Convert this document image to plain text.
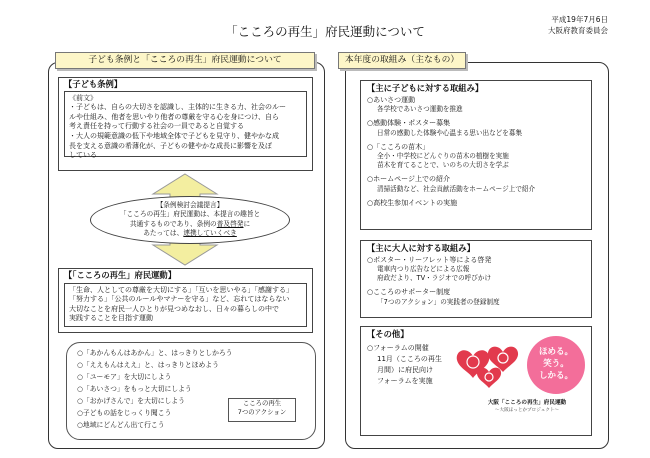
「こころの再生」府民運動について
平成19年7月6日
大阪府教育委員会
子ども条例と「こころの再生」府民運動について
【子ども条例】
《前文》
・子どもは、自らの大切さを認識し、主体的に生きる力、社会のルー
ルや仕組み、他者を思いやり他者の尊厳を守る心を身につけ、自ら
考え責任を持って行動する社会の一員であると自覚する
・大人の規範意識の低下や地域全体で子どもを見守り、健やかな成
長を支える意識の希薄化が、子どもの健やかな成長に影響を及ぼ
している
【条例検討会議提言】
「こころの再生」府民運動は、本提言の趣旨と
共通するものであり、条例の普及啓発に
あたっては、連携していくべき
【「こころの再生」府民運動】
「生命、人としての尊厳を大切にする」「互いを思いやる」「感謝する」
「努力する」「公共のルールやマナーを守る」など、忘れてはならない
大切なことを府民一人ひとりが見つめなおし、日々の暮らしの中で
実践することを目指す運動
○「あかんもんはあかん」と、はっきりとしかろう
○「ええもんはええ」と、はっきりとほめよう
○「ユーモア」を大切にしよう
○「あいさつ」をもっと大切にしよう
○「おかげさんで」を大切にしよう
○子どもの話をじっくり聞こう
○地域にどんどん出て行こう
こころの再生
7つのアクション
本年度の取組み（主なもの）
【主に子どもに対する取組み】
○あいさつ運動
各学校であいさつ運動を推進
○感動体験・ポスター募集
日常の感動した体験や心温まる思い出などを募集
○「こころの苗木」
全小・中学校にどんぐりの苗木の植樹を実施
苗木を育てることで、いのちの大切さを学ぶ
○ホームページ上での紹介
清掃活動など、社会貢献活動をホームページ上で紹介
○高校生参加イベントの実施
【主に大人に対する取組み】
○ポスター・リーフレット等による啓発
電車内つり広告などによる広報
府政だより、TV・ラジオでの呼びかけ
○こころのサポーター制度
「7つのアクション」の実践者の登録制度
【その他】
○フォーラムの開催
11月（こころの再生
月間）に府民向け
フォーラムを実施
ほめる。
笑う。
しかる。
大阪「こころの再生」府民運動
〜大阪ほっとかプロジェクト〜
